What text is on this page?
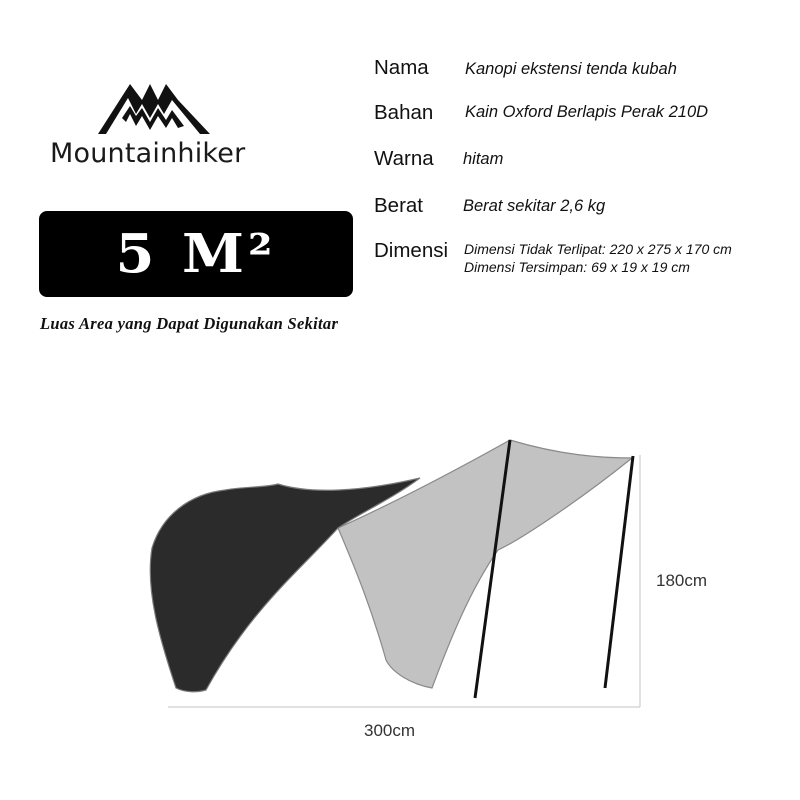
Mountainhiker
5 M²
Luas Area yang Dapat Digunakan Sekitar
Nama Kanopi ekstensi tenda kubah
Bahan Kain Oxford Berlapis Perak 210D
Warna hitam
Berat Berat sekitar 2,6 kg
Dimensi Dimensi Tidak Terlipat: 220 x 275 x 170 cm
Dimensi Tersimpan: 69 x 19 x 19 cm
180cm
300cm
